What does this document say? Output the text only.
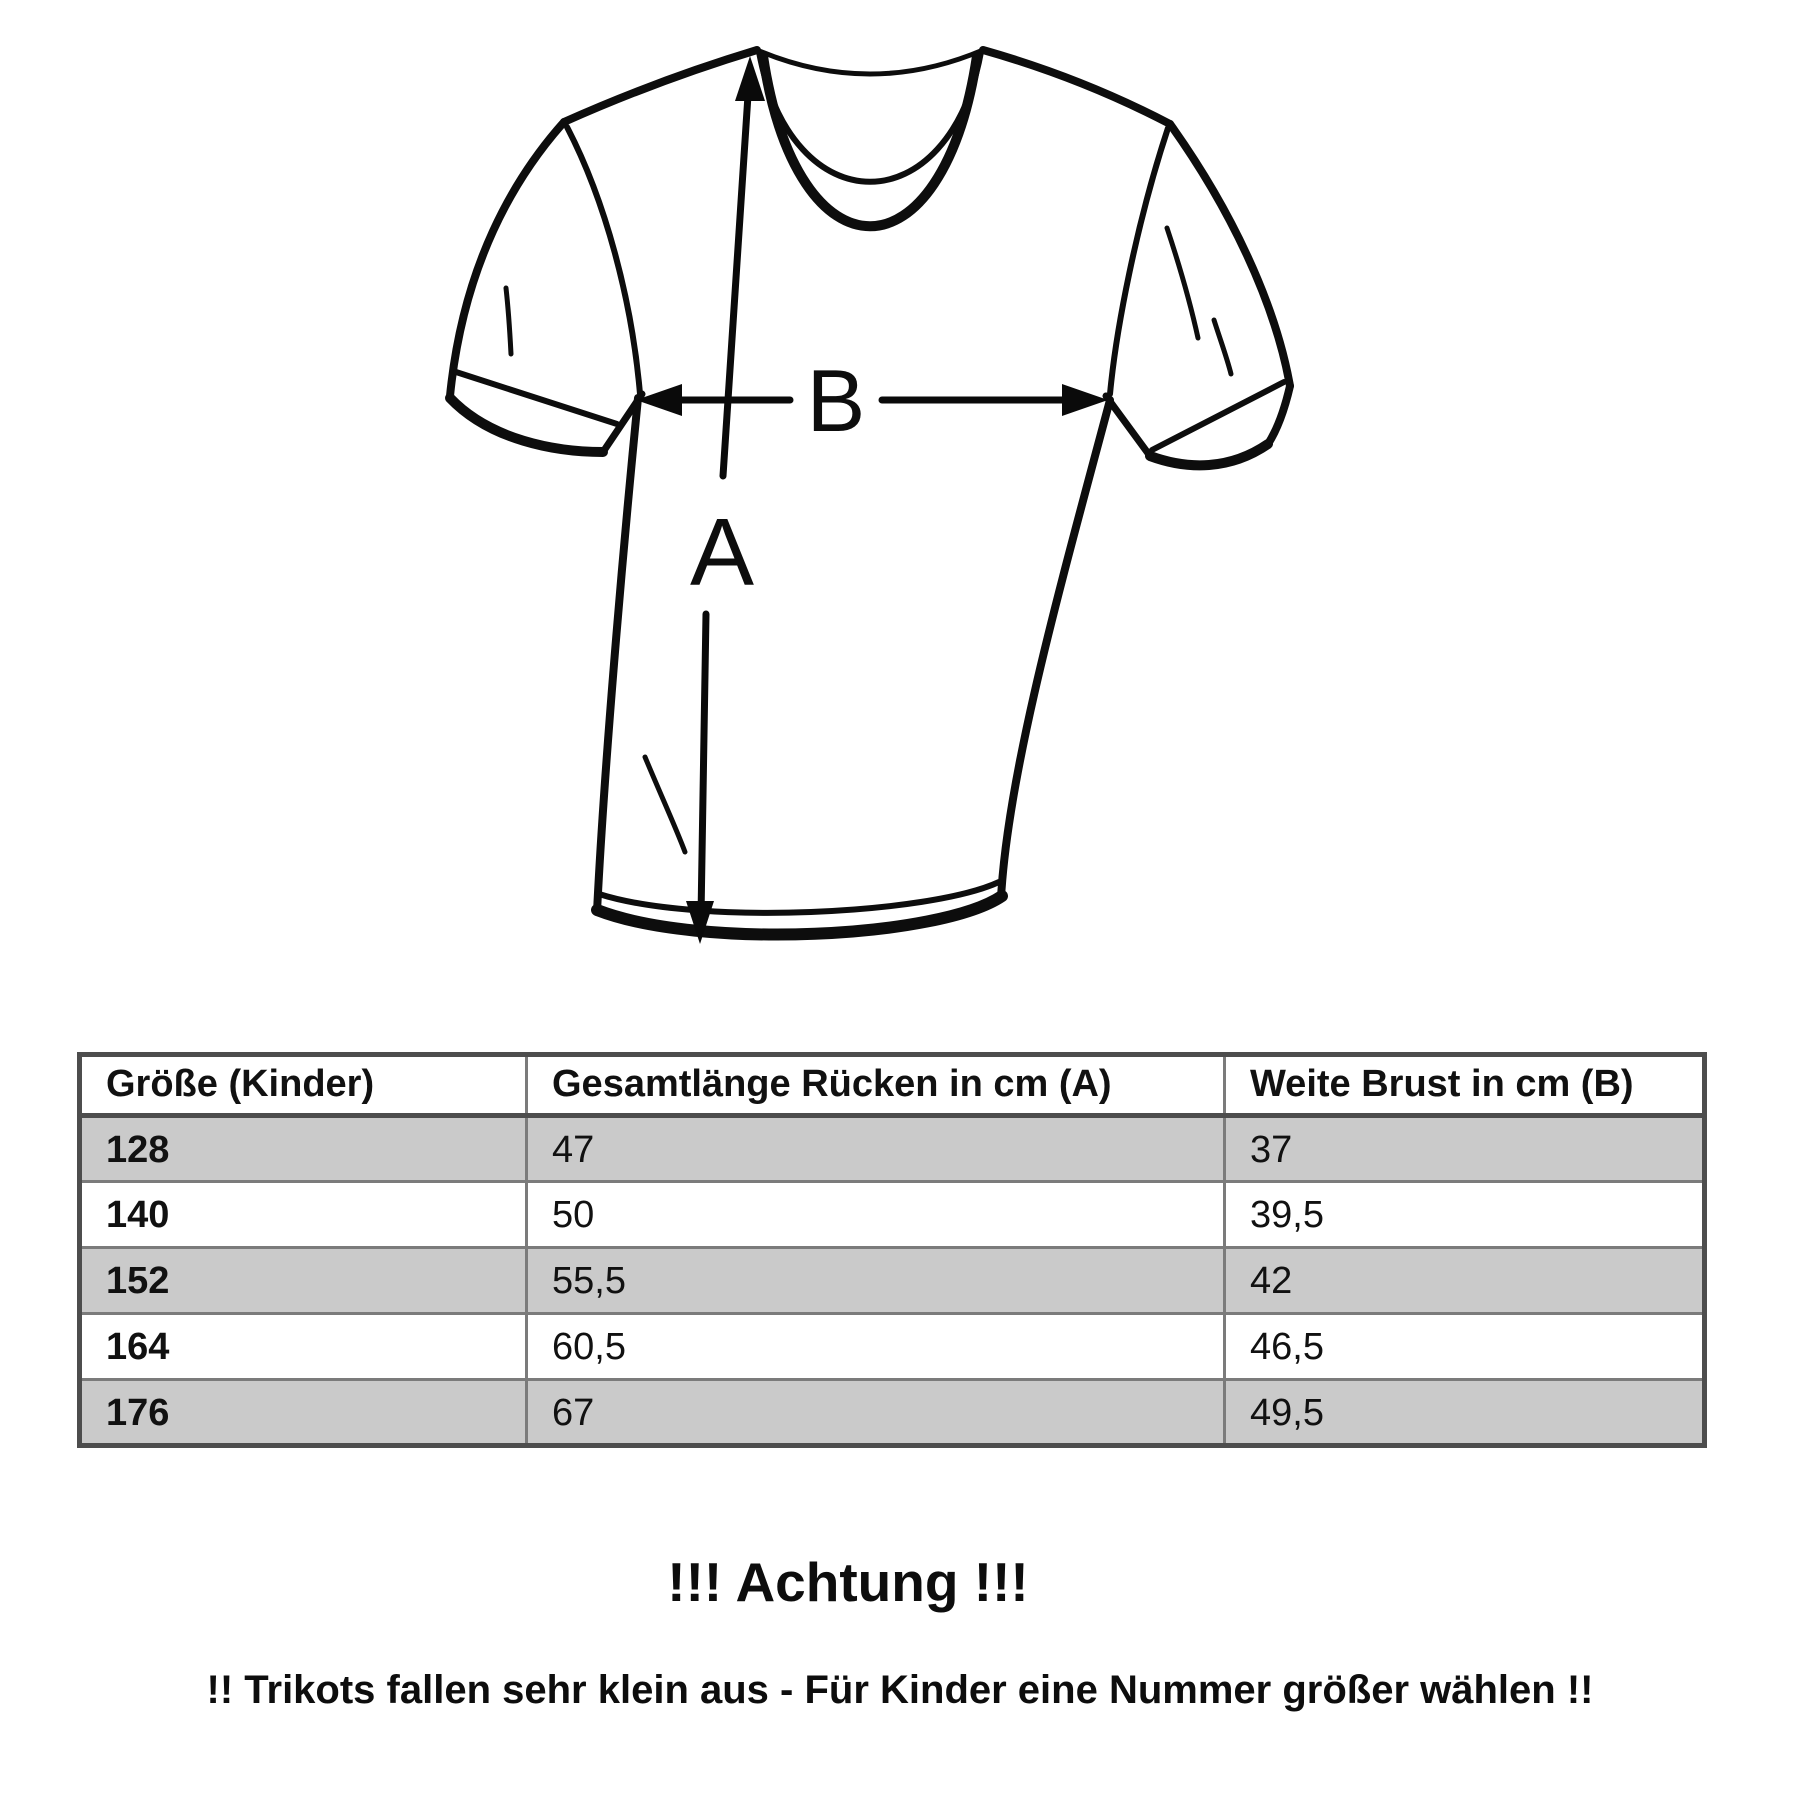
A
B
Größe (Kinder)	Gesamtlänge Rücken in cm (A)	Weite Brust in cm (B)
128	47	37
140	50	39,5
152	55,5	42
164	60,5	46,5
176	67	49,5
!!! Achtung !!!
!! Trikots fallen sehr klein aus - Für Kinder eine Nummer größer wählen !!
